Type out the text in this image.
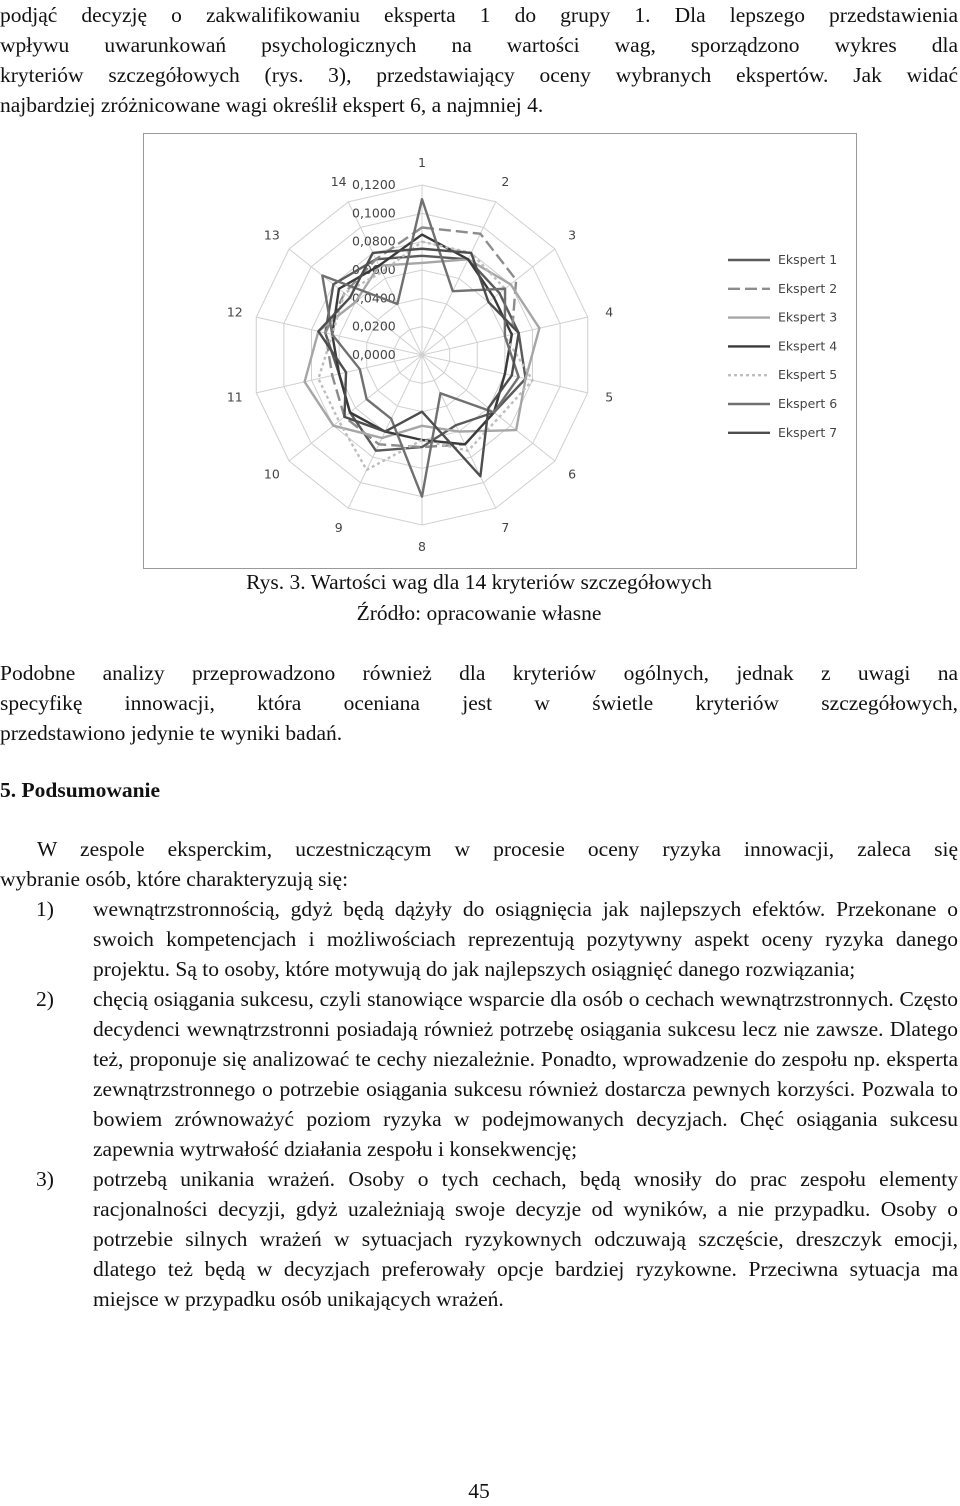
podjąć decyzję o zakwalifikowaniu eksperta 1 do grupy 1. Dla lepszego przedstawienia

wpływu uwarunkowań psychologicznych na wartości wag, sporządzono wykres dla

kryteriów szczegółowych (rys. 3), przedstawiający oceny wybranych ekspertów. Jak widać

najbardziej zróżnicowane wagi określił ekspert 6, a najmniej 4.

1
2
3
4
5
6
7
8
9
10
11
12
13
14 0,1200
0,1000
0,0800
0,0600
0,0400
0,0200
0,0000
Ekspert 1
Ekspert 2
Ekspert 3
Ekspert 4
Ekspert 5
Ekspert 6
Ekspert 7

Rys. 3. Wartości wag dla 14 kryteriów szczegółowych

Źródło: opracowanie własne

Podobne analizy przeprowadzono również dla kryteriów ogólnych, jednak z uwagi na

specyfikę innowacji, która oceniana jest w świetle kryteriów szczegółowych,

przedstawiono jedynie te wyniki badań.

5. Podsumowanie

W zespole eksperckim, uczestniczącym w procesie oceny ryzyka innowacji, zaleca się

wybranie osób, które charakteryzują się:

1) wewnątrzstronnością, gdyż będą dążyły do osiągnięcia jak najlepszych efektów. Przekonane o swoich kompetencjach i możliwościach reprezentują pozytywny aspekt oceny ryzyka danego projektu. Są to osoby, które motywują do jak najlepszych osiągnięć danego rozwiązania;
2) chęcią osiągania sukcesu, czyli stanowiące wsparcie dla osób o cechach wewnątrzstronnych. Często decydenci wewnątrzstronni posiadają również potrzebę osiągania sukcesu lecz nie zawsze. Dlatego też, proponuje się analizować te cechy niezależnie. Ponadto, wprowadzenie do zespołu np. eksperta zewnątrzstronnego o potrzebie osiągania sukcesu również dostarcza pewnych korzyści. Pozwala to bowiem zrównoważyć poziom ryzyka w podejmowanych decyzjach. Chęć osiągania sukcesu zapewnia wytrwałość działania zespołu i konsekwencję;
3) potrzebą unikania wrażeń. Osoby o tych cechach, będą wnosiły do prac zespołu elementy racjonalności decyzji, gdyż uzależniają swoje decyzje od wyników, a nie przypadku. Osoby o potrzebie silnych wrażeń w sytuacjach ryzykownych odczuwają szczęście, dreszczyk emocji, dlatego też będą w decyzjach preferowały opcje bardziej ryzykowne. Przeciwna sytuacja ma miejsce w przypadku osób unikających wrażeń.
45
